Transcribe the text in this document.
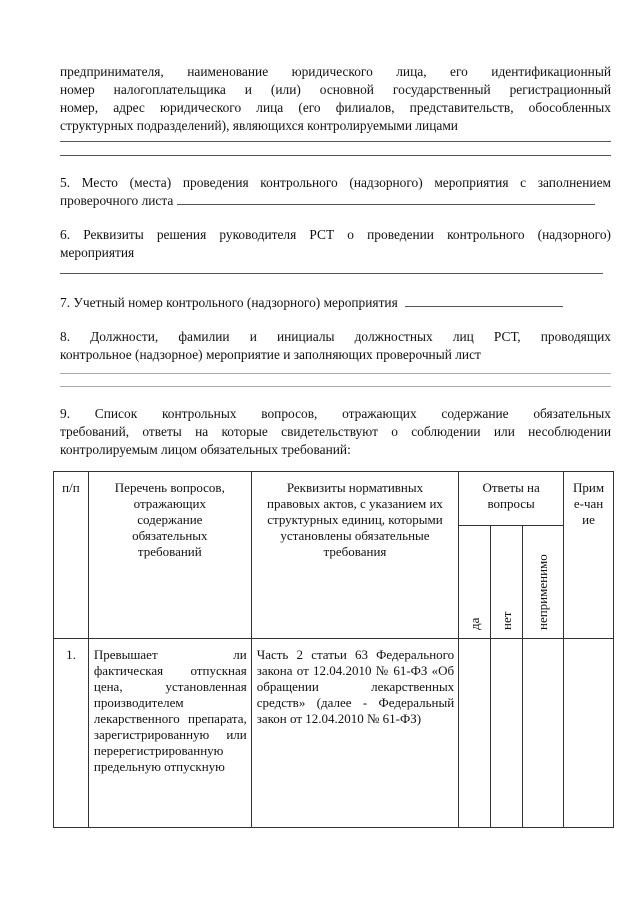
предпринимателя, наименование юридического лица, его идентификационный
номер налогоплательщика и (или) основной государственный регистрационный
номер, адрес юридического лица (его филиалов, представительств, обособленных
структурных подразделений), являющихся контролируемыми лицами
5. Место (места) проведения контрольного (надзорного) мероприятия с заполнением
проверочного листа
6. Реквизиты решения руководителя РСТ о проведении контрольного (надзорного)
мероприятия
7. Учетный номер контрольного (надзорного) мероприятия
8. Должности, фамилии и инициалы должностных лиц РСТ, проводящих
контрольное (надзорное) мероприятие и заполняющих проверочный лист
9. Список контрольных вопросов, отражающих содержание обязательных
требований, ответы на которые свидетельствуют о соблюдении или несоблюдении
контролируемым лицом обязательных требований:
п/п	Перечень вопросов, отражающих содержание обязательных требований	Реквизиты нормативных правовых актов, с указанием их структурных единиц, которыми установлены обязательные требования	Ответы на вопросы			Приме-чание

			да	нет	неприменимо	

1.	Превышает ли фактическая отпускная цена, установленная производителем лекарственного препарата, зарегистрированную или перерегистрированную предельную отпускную	Часть 2 статьи 63 Федерального закона от 12.04.2010 № 61-ФЗ «Об обращении лекарственных средств» (далее - Федеральный закон от 12.04.2010 № 61-ФЗ)				
